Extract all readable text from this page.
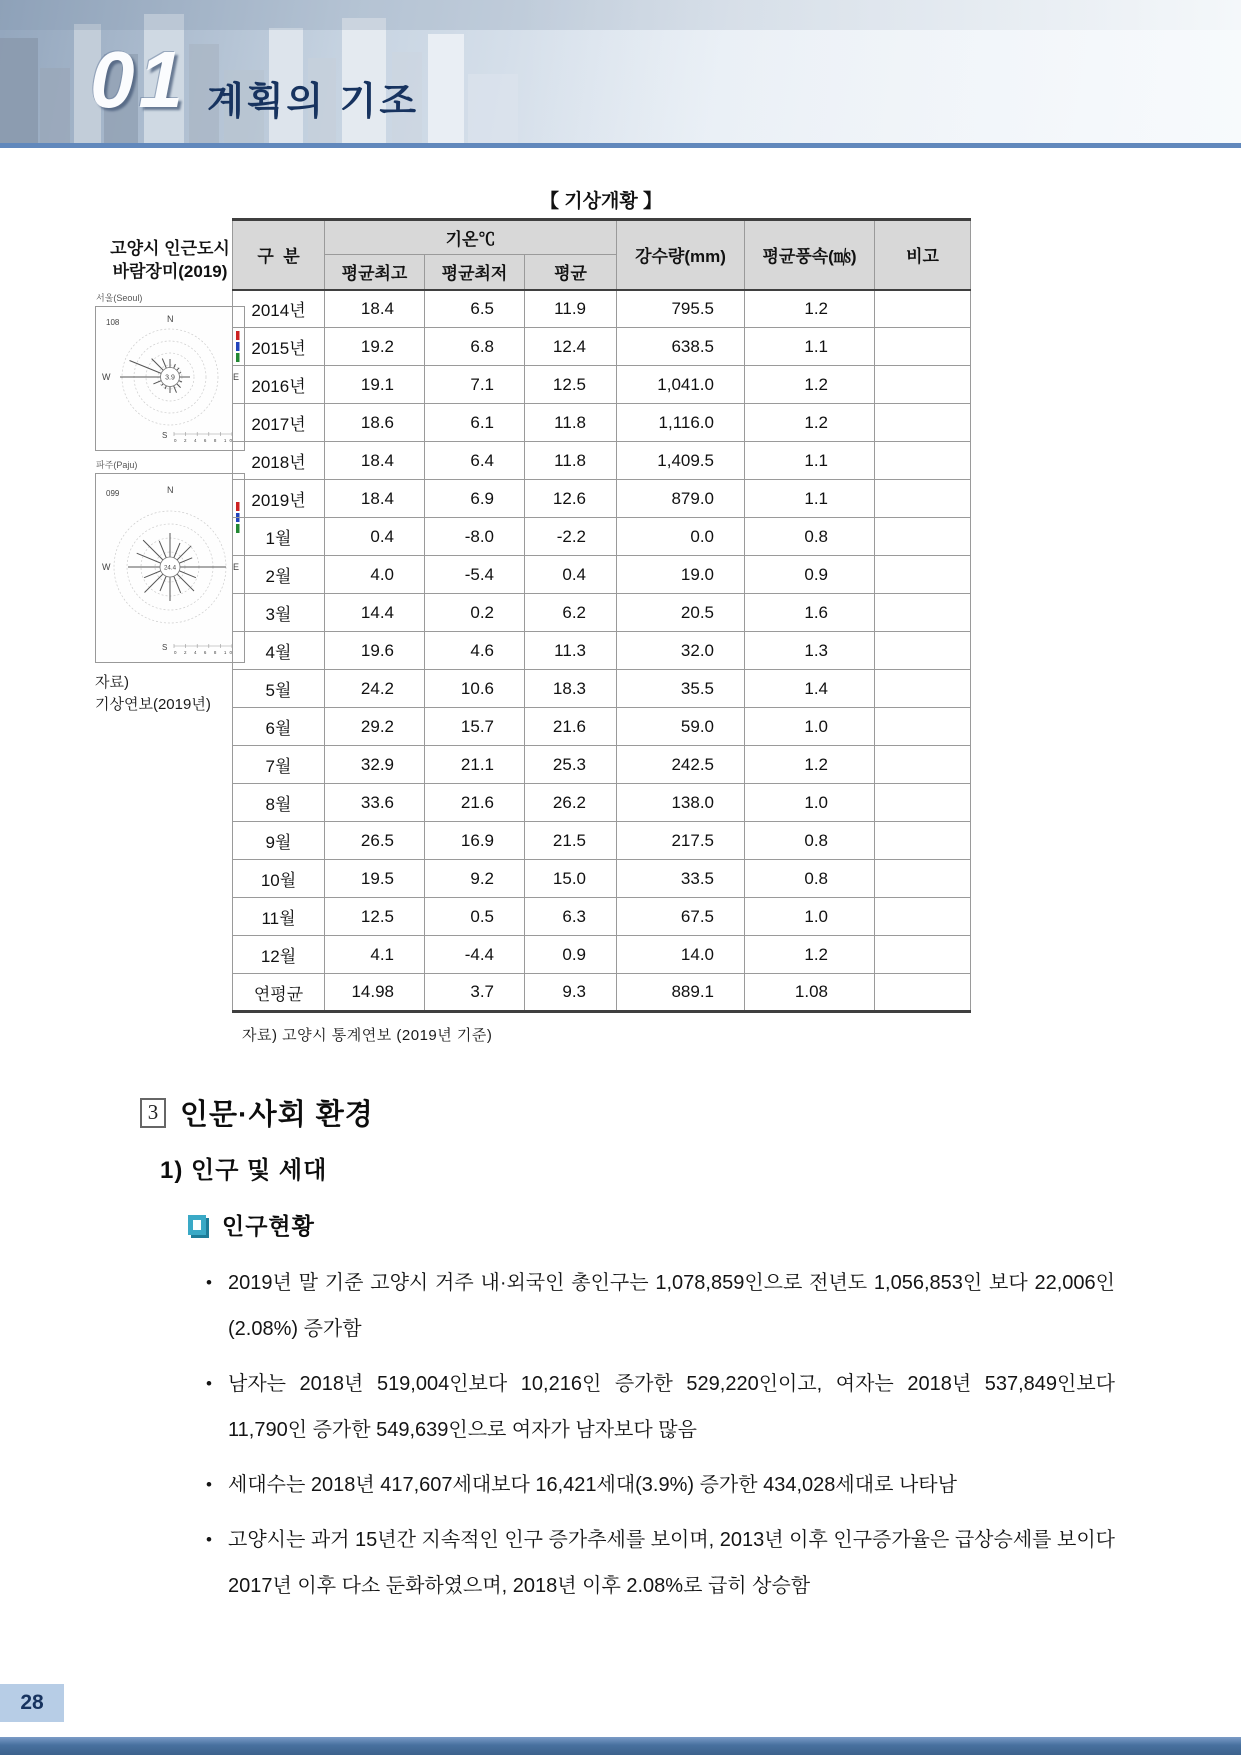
01 계획의 기조
【 기상개황 】
고양시 인근도시
바람장미(2019)
서울(Seoul)
3.9
108	N
W	E
S
0 2 4 6 8 10
파주(Paju)
24.4
099	N
W	E
S
0 2 4 6 8 10
자료)
기상연보(2019년)
구  분	기온℃			강수량(mm)	평균풍속(㎧)	비고
	평균최고	평균최저	평균			
2014년	18.4	6.5	11.9	795.5	1.2	
2015년	19.2	6.8	12.4	638.5	1.1	
2016년	19.1	7.1	12.5	1,041.0	1.2	
2017년	18.6	6.1	11.8	1,116.0	1.2	
2018년	18.4	6.4	11.8	1,409.5	1.1	
2019년	18.4	6.9	12.6	879.0	1.1	
1월	0.4	-8.0	-2.2	0.0	0.8	
2월	4.0	-5.4	0.4	19.0	0.9	
3월	14.4	0.2	6.2	20.5	1.6	
4월	19.6	4.6	11.3	32.0	1.3	
5월	24.2	10.6	18.3	35.5	1.4	
6월	29.2	15.7	21.6	59.0	1.0	
7월	32.9	21.1	25.3	242.5	1.2	
8월	33.6	21.6	26.2	138.0	1.0	
9월	26.5	16.9	21.5	217.5	0.8	
10월	19.5	9.2	15.0	33.5	0.8	
11월	12.5	0.5	6.3	67.5	1.0	
12월	4.1	-4.4	0.9	14.0	1.2	
연평균	14.98	3.7	9.3	889.1	1.08	
자료) 고양시 통계연보 (2019년 기준)
3 인문·사회 환경
1) 인구 및 세대
인구현황
• 2019년 말 기준 고양시 거주 내·외국인 총인구는 1,078,859인으로 전년도 1,056,853인 보다 22,006인(2.08%) 증가함
• 남자는 2018년 519,004인보다 10,216인 증가한 529,220인이고, 여자는 2018년 537,849인보다 11,790인 증가한 549,639인으로 여자가 남자보다 많음
• 세대수는 2018년 417,607세대보다 16,421세대(3.9%) 증가한 434,028세대로 나타남
• 고양시는 과거 15년간 지속적인 인구 증가추세를 보이며, 2013년 이후 인구증가율은 급상승세를 보이다 2017년 이후 다소 둔화하였으며, 2018년 이후 2.08%로 급히 상승함
28
